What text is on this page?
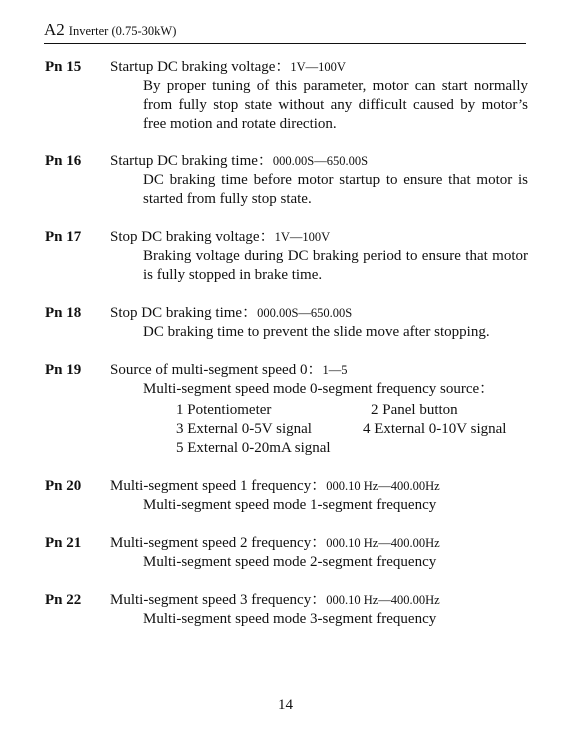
A2 Inverter (0.75-30kW)
Pn 15 Startup DC braking voltage：1V—100V
By proper tuning of this parameter, motor can start normally from fully stop state without any difficult caused by motor’s free motion and rotate direction.
Pn 16 Startup DC braking time：000.00S—650.00S
DC braking time before motor startup to ensure that motor is started from fully stop state.
Pn 17 Stop DC braking voltage：1V—100V
Braking voltage during DC braking period to ensure that motor is fully stopped in brake time.
Pn 18 Stop DC braking time：000.00S—650.00S
DC braking time to prevent the slide move after stopping.
Pn 19 Source of multi-segment speed 0：1—5
Multi-segment speed mode 0-segment frequency source：
1 Potentiometer	2 Panel button
3 External 0-5V signal	4 External 0-10V signal
5 External 0-20mA signal
Pn 20 Multi-segment speed 1 frequency：000.10 Hz—400.00Hz
Multi-segment speed mode 1-segment frequency
Pn 21 Multi-segment speed 2 frequency：000.10 Hz—400.00Hz
Multi-segment speed mode 2-segment frequency
Pn 22 Multi-segment speed 3 frequency：000.10 Hz—400.00Hz
Multi-segment speed mode 3-segment frequency
14
